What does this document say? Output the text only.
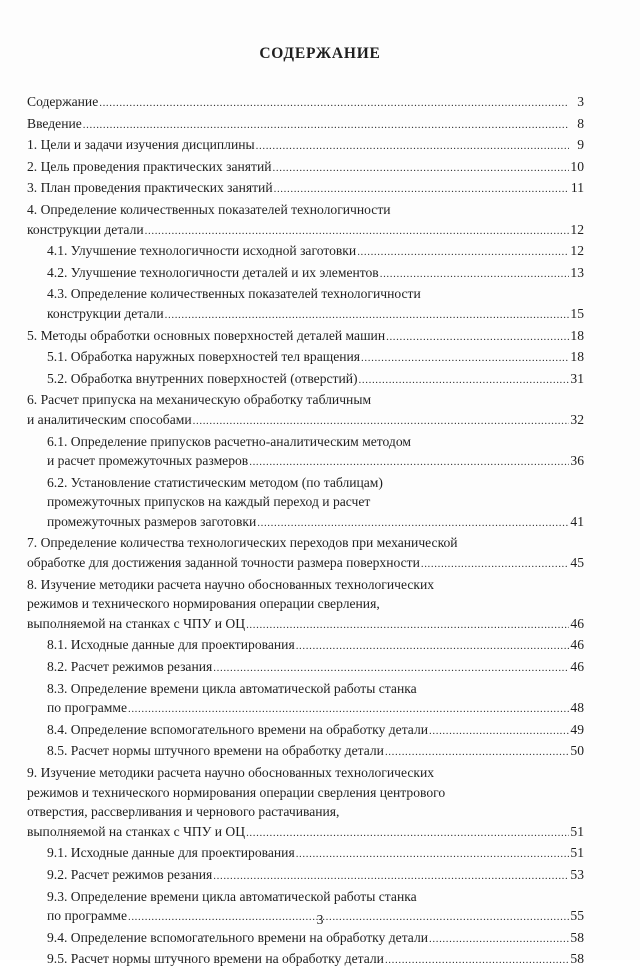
СОДЕРЖАНИЕ
Содержание .....	3
Введение .....	8
1. Цели и задачи изучения дисциплины .....	9
2. Цель проведения практических занятий .....	10
3. План проведения практических занятий .....	11
4. Определение количественных показателей технологичности
конструкции детали .....	12
4.1. Улучшение технологичности исходной заготовки .....	12
4.2. Улучшение технологичности деталей и их элементов .....	13
4.3. Определение количественных показателей технологичности
конструкции детали .....	15
5. Методы обработки основных поверхностей деталей машин .....	18
5.1. Обработка наружных поверхностей тел вращения .....	18
5.2. Обработка внутренних поверхностей (отверстий) .....	31
6. Расчет припуска на механическую обработку табличным
и аналитическим способами .....	32
6.1. Определение припусков расчетно-аналитическим методом
и расчет промежуточных размеров .....	36
6.2. Установление статистическим методом (по таблицам)
промежуточных припусков на каждый переход и расчет
промежуточных размеров заготовки .....	41
7. Определение количества технологических переходов при механической
обработке для достижения заданной точности размера поверхности .....	45
8. Изучение методики расчета научно обоснованных технологических
режимов и технического нормирования операции сверления,
выполняемой на станках с ЧПУ и ОЦ .....	46
8.1. Исходные данные для проектирования .....	46
8.2. Расчет режимов резания .....	46
8.3. Определение времени цикла автоматической работы станка
по программе .....	48
8.4. Определение вспомогательного времени на обработку детали .....	49
8.5. Расчет нормы штучного времени на обработку детали .....	50
9. Изучение методики расчета научно обоснованных технологических
режимов и технического нормирования операции сверления центрового
отверстия, рассверливания и чернового растачивания,
выполняемой на станках с ЧПУ и ОЦ .....	51
9.1. Исходные данные для проектирования .....	51
9.2. Расчет режимов резания .....	53
9.3. Определение времени цикла автоматической работы станка
по программе .....	55
9.4. Определение вспомогательного времени на обработку детали .....	58
9.5. Расчет нормы штучного времени на обработку детали .....	58
3
